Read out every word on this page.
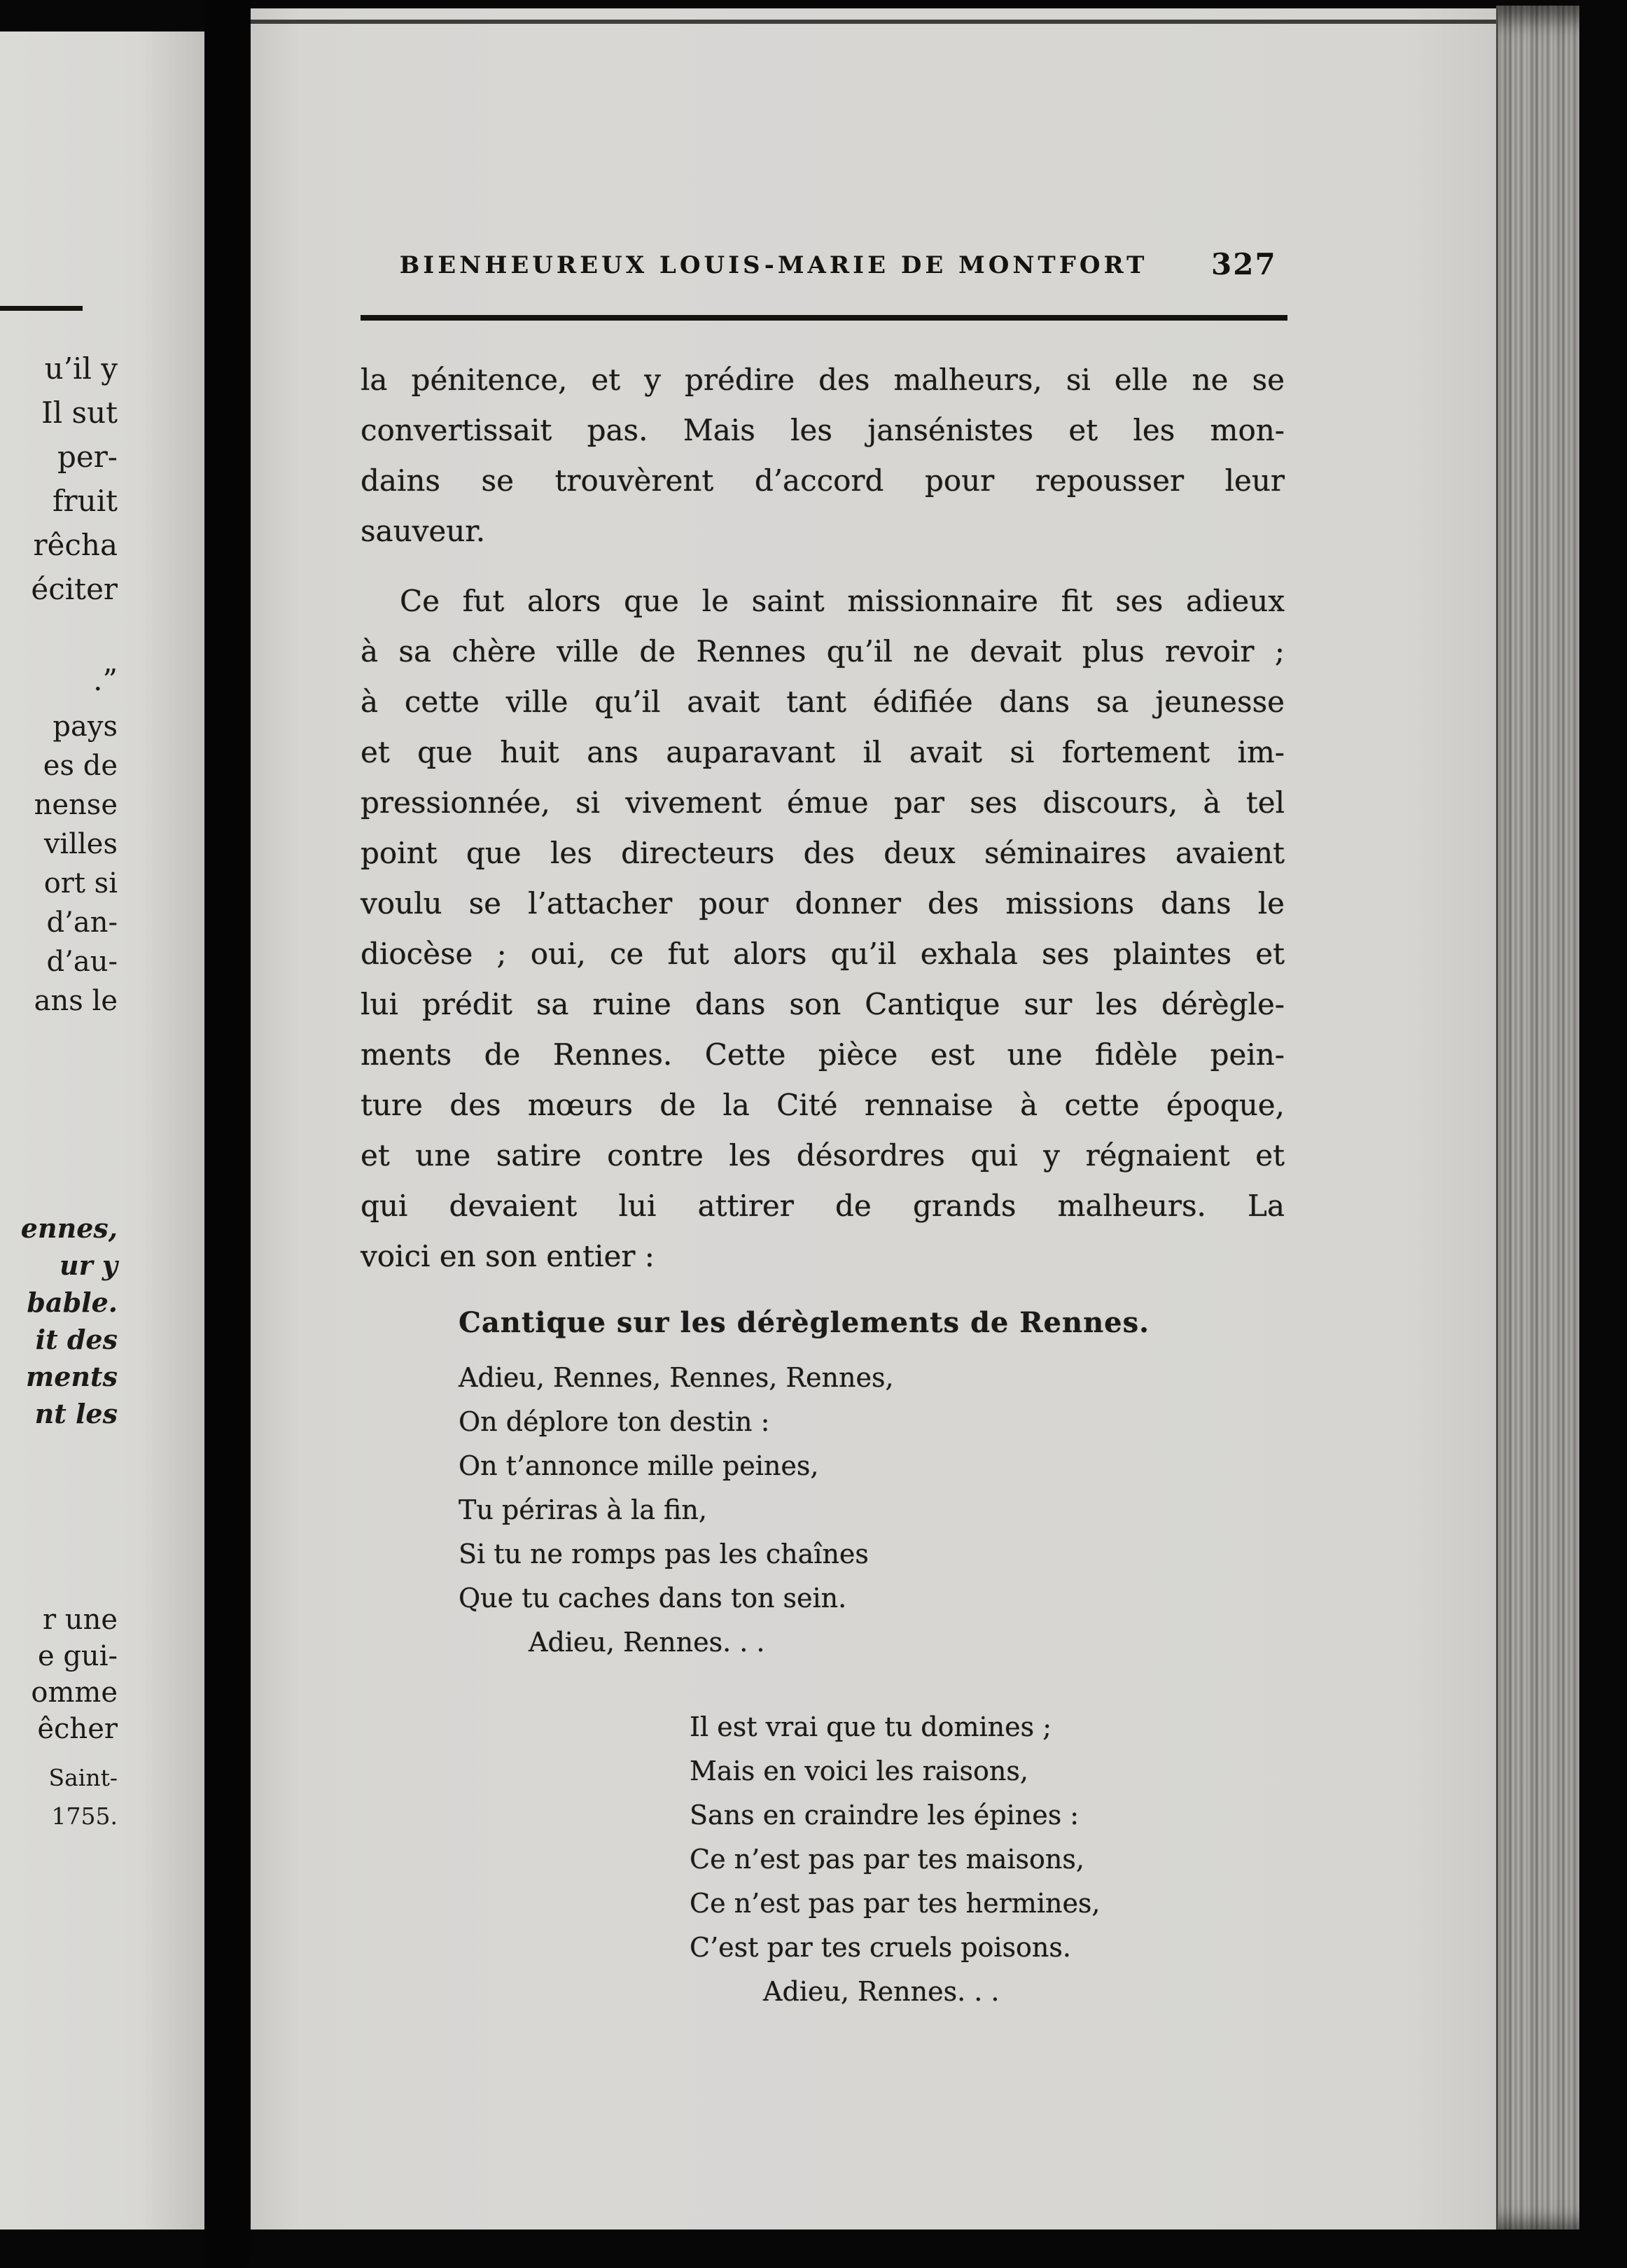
u’il y
Il sut
per-
fruit
rêcha
éciter
.”
pays
es de
nense
villes
ort si
d’an-
d’au-
ans le
ennes,
ur y
bable.
it des
ments
nt les
r une
e gui-
omme
êcher
Saint-
1755.
BIENHEUREUX LOUIS-MARIE DE MONTFORT	327
la pénitence, et y prédire des malheurs, si elle ne se
convertissait pas. Mais les jansénistes et les mon-
dains se trouvèrent d’accord pour repousser leur
sauveur.
Ce fut alors que le saint missionnaire fit ses adieux
à sa chère ville de Rennes qu’il ne devait plus revoir ;
à cette ville qu’il avait tant édifiée dans sa jeunesse
et que huit ans auparavant il avait si fortement im-
pressionnée, si vivement émue par ses discours, à tel
point que les directeurs des deux séminaires avaient
voulu se l’attacher pour donner des missions dans le
diocèse ; oui, ce fut alors qu’il exhala ses plaintes et
lui prédit sa ruine dans son Cantique sur les dérègle-
ments de Rennes. Cette pièce est une fidèle pein-
ture des mœurs de la Cité rennaise à cette époque,
et une satire contre les désordres qui y régnaient et
qui devaient lui attirer de grands malheurs. La
voici en son entier :
Cantique sur les dérèglements de Rennes.
Adieu, Rennes, Rennes, Rennes,
On déplore ton destin :
On t’annonce mille peines,
Tu périras à la fin,
Si tu ne romps pas les chaînes
Que tu caches dans ton sein.
Adieu, Rennes. . .
Il est vrai que tu domines ;
Mais en voici les raisons,
Sans en craindre les épines :
Ce n’est pas par tes maisons,
Ce n’est pas par tes hermines,
C’est par tes cruels poisons.
Adieu, Rennes. . .
